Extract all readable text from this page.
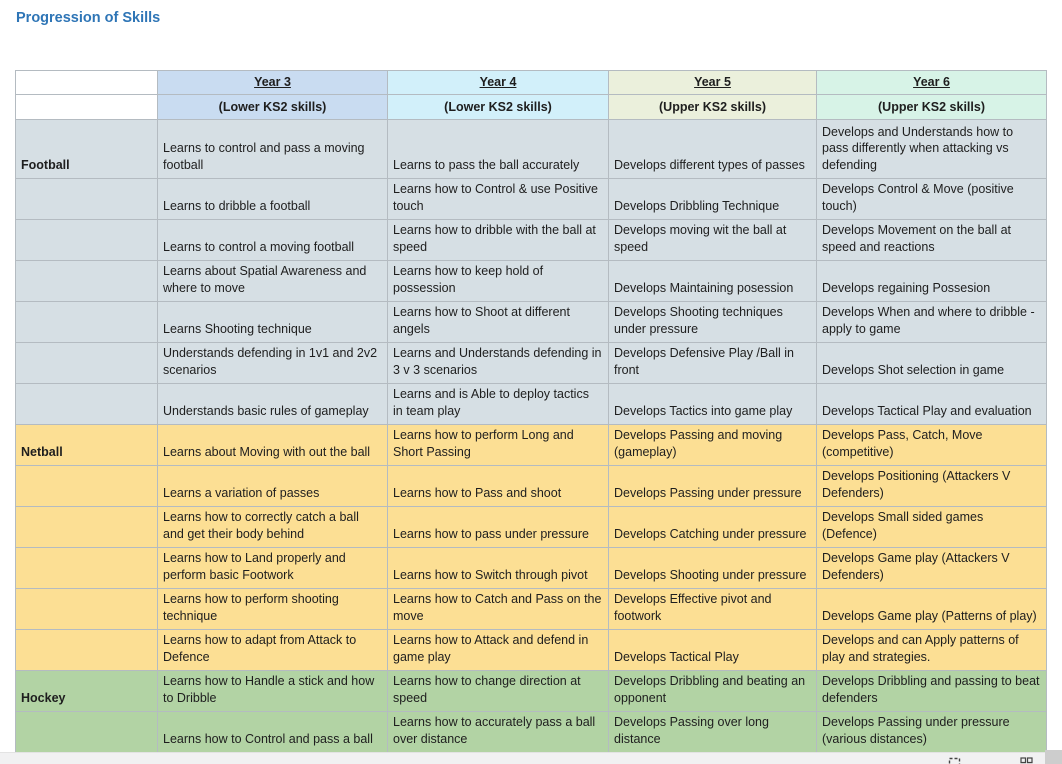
Progression of Skills
	Year 3	Year 4	Year 5	Year 6
	(Lower KS2 skills)	(Lower KS2 skills)	(Upper KS2 skills)	(Upper KS2 skills)
Football	Learns to control and pass a moving football	Learns to pass the ball accurately	Develops different types of passes	Develops and Understands how to pass differently when attacking vs defending
	Learns to dribble a football	Learns how to Control & use Positive touch	Develops Dribbling Technique	Develops Control & Move (positive touch)
	Learns to control a moving football	Learns how to dribble with the ball at speed	Develops moving wit the ball at speed	Develops Movement on the ball at speed and reactions
	Learns about Spatial Awareness and where to move	Learns how to keep hold of possession	Develops Maintaining posession	Develops regaining Possesion
	Learns Shooting technique	Learns how to Shoot at different angels	Develops Shooting techniques under pressure	Develops When and where to dribble - apply to game
	Understands defending in 1v1 and 2v2 scenarios	Learns and Understands defending in 3 v 3 scenarios	Develops Defensive Play /Ball in front	Develops Shot selection in game
	Understands basic rules of gameplay	Learns and is Able to deploy tactics in team play	Develops Tactics into game play	Develops Tactical Play and evaluation
Netball	Learns about Moving with out the ball	Learns how to perform Long and Short Passing	Develops Passing and moving (gameplay)	Develops Pass, Catch, Move (competitive)
	Learns a variation of passes	Learns how to Pass and shoot	Develops Passing under pressure	Develops Positioning (Attackers V Defenders)
	Learns how to correctly catch a ball and get their body behind	Learns how to pass under pressure	Develops Catching under pressure	Develops Small sided games (Defence)
	Learns how to Land properly and perform basic Footwork	Learns how to Switch through pivot	Develops Shooting under pressure	Develops Game play (Attackers V Defenders)
	Learns how to perform shooting technique	Learns how to Catch and Pass on the move	Develops Effective pivot and footwork	Develops Game play (Patterns of play)
	Learns how to adapt from Attack to Defence	Learns how to Attack and defend in game play	Develops Tactical Play	Develops and can Apply patterns of play and strategies.
Hockey	Learns how to Handle a stick and how to Dribble	Learns how to change direction at speed	Develops Dribbling and beating an opponent	Develops Dribbling and passing to beat defenders
	Learns how to Control and pass a ball	Learns how to accurately pass a ball over distance	Develops Passing over long distance	Develops Passing under pressure (various distances)
